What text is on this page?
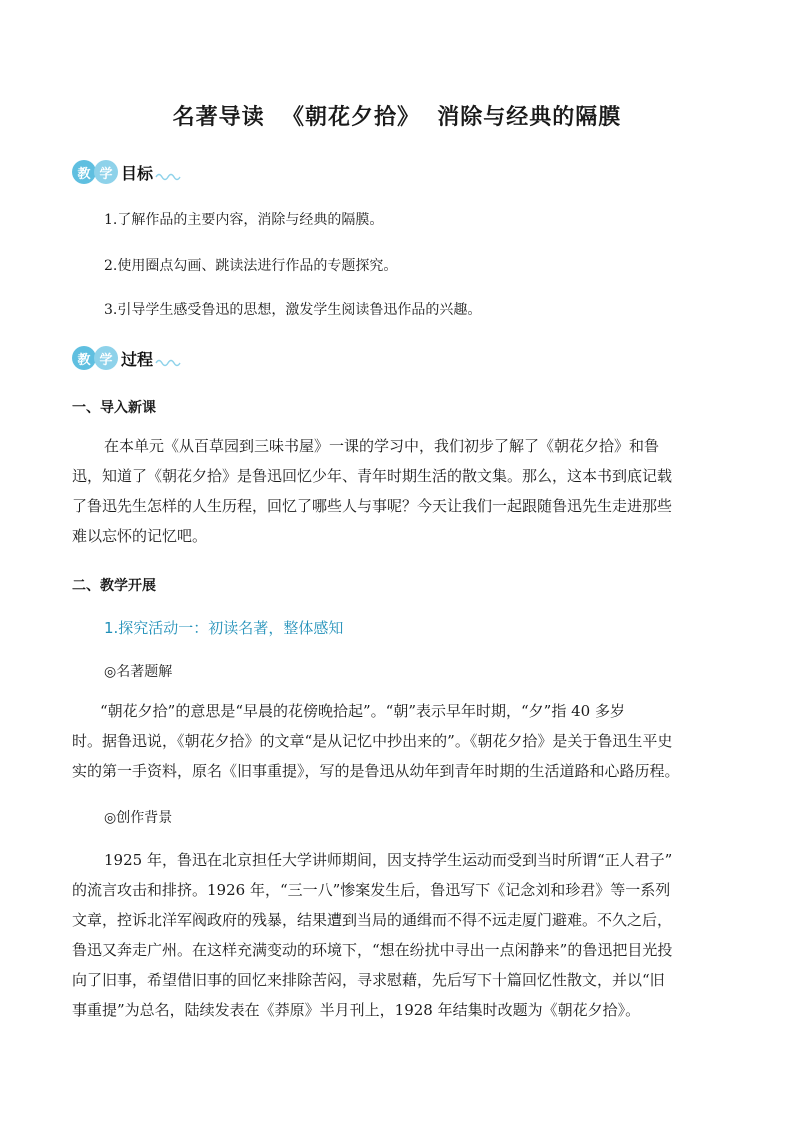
名著导读  《朝花夕拾》  消除与经典的隔膜
教 学 目标
1.了解作品的主要内容，消除与经典的隔膜。
2.使用圈点勾画、跳读法进行作品的专题探究。
3.引导学生感受鲁迅的思想，激发学生阅读鲁迅作品的兴趣。
教 学 过程
一、导入新课
在本单元《从百草园到三味书屋》一课的学习中，我们初步了解了《朝花夕拾》和鲁
迅，知道了《朝花夕拾》是鲁迅回忆少年、青年时期生活的散文集。那么，这本书到底记载
了鲁迅先生怎样的人生历程，回忆了哪些人与事呢？今天让我们一起跟随鲁迅先生走进那些
难以忘怀的记忆吧。
二、教学开展
1.探究活动一：初读名著，整体感知
◎名著题解
“朝花夕拾”的意思是“早晨的花傍晚拾起”。“朝”表示早年时期，“夕”指 40 多岁
时。据鲁迅说，《朝花夕拾》的文章“是从记忆中抄出来的”。《朝花夕拾》是关于鲁迅生平史
实的第一手资料，原名《旧事重提》，写的是鲁迅从幼年到青年时期的生活道路和心路历程。
◎创作背景
1925 年，鲁迅在北京担任大学讲师期间，因支持学生运动而受到当时所谓“正人君子”
的流言攻击和排挤。1926 年，“三一八”惨案发生后，鲁迅写下《记念刘和珍君》等一系列
文章，控诉北洋军阀政府的残暴，结果遭到当局的通缉而不得不远走厦门避难。不久之后，
鲁迅又奔走广州。在这样充满变动的环境下，“想在纷扰中寻出一点闲静来”的鲁迅把目光投
向了旧事，希望借旧事的回忆来排除苦闷，寻求慰藉，先后写下十篇回忆性散文，并以“旧
事重提”为总名，陆续发表在《莽原》半月刊上，1928 年结集时改题为《朝花夕拾》。
